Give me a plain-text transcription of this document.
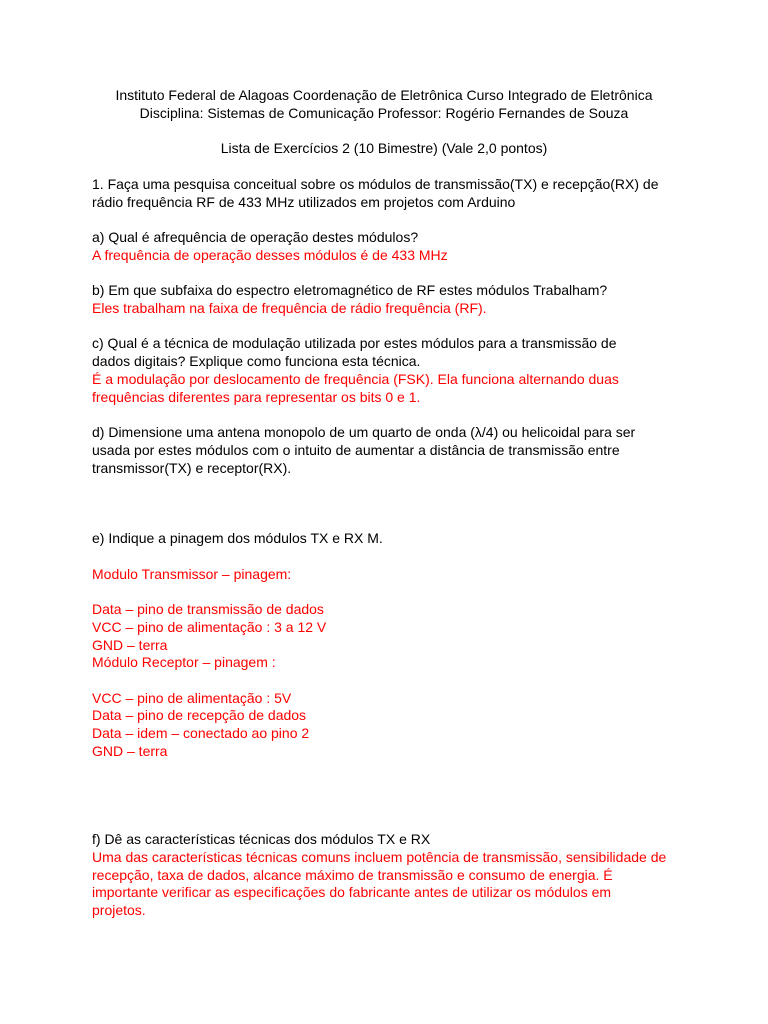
Instituto Federal de Alagoas Coordenação de Eletrônica Curso Integrado de Eletrônica
Disciplina: Sistemas de Comunicação Professor: Rogério Fernandes de Souza
Lista de Exercícios 2 (10 Bimestre) (Vale 2,0 pontos)
1. Faça uma pesquisa conceitual sobre os módulos de transmissão(TX) e recepção(RX) de
rádio frequência RF de 433 MHz utilizados em projetos com Arduino
a) Qual é afrequência de operação destes módulos?
A frequência de operação desses módulos é de 433 MHz
b) Em que subfaixa do espectro eletromagnético de RF estes módulos Trabalham?
Eles trabalham na faixa de frequência de rádio frequência (RF).
c) Qual é a técnica de modulação utilizada por estes módulos para a transmissão de
dados digitais? Explique como funciona esta técnica.
É a modulação por deslocamento de frequência (FSK). Ela funciona alternando duas
frequências diferentes para representar os bits 0 e 1.
d) Dimensione uma antena monopolo de um quarto de onda (λ/4) ou helicoidal para ser
usada por estes módulos com o intuito de aumentar a distância de transmissão entre
transmissor(TX) e receptor(RX).
e) Indique a pinagem dos módulos TX e RX M.
Modulo Transmissor – pinagem:
Data – pino de transmissão de dados
VCC – pino de alimentação : 3 a 12 V
GND – terra
Módulo Receptor – pinagem :
VCC – pino de alimentação : 5V
Data – pino de recepção de dados
Data – idem – conectado ao pino 2
GND – terra
f) Dê as características técnicas dos módulos TX e RX
Uma das características técnicas comuns incluem potência de transmissão, sensibilidade de
recepção, taxa de dados, alcance máximo de transmissão e consumo de energia. É
importante verificar as especificações do fabricante antes de utilizar os módulos em
projetos.
